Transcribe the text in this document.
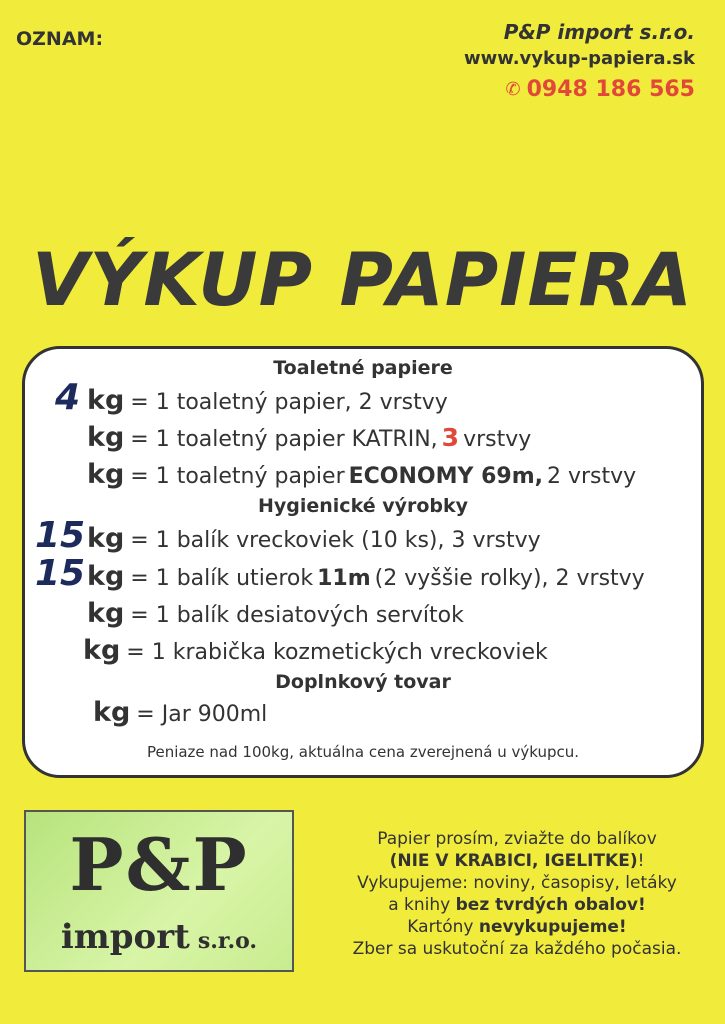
OZNAM:	P&P import s.r.o.
www.vykup-papiera.sk
✆ 0948 186 565
VÝKUP PAPIERA
Toaletné papiere
4 kg = 1 toaletný papier, 2 vrstvy
kg = 1 toaletný papier KATRIN, 3 vrstvy
kg = 1 toaletný papier ECONOMY 69m, 2 vrstvy
Hygienické výrobky
15 kg = 1 balík vreckoviek (10 ks), 3 vrstvy
15 kg = 1 balík utierok 11m (2 vyššie rolky), 2 vrstvy
kg = 1 balík desiatových servítok
kg = 1 krabička kozmetických vreckoviek
Doplnkový tovar
kg = Jar 900ml
Peniaze nad 100kg, aktuálna cena zverejnená u výkupcu.
P&P
import s.r.o.
Papier prosím, zviažte do balíkov
(NIE V KRABICI, IGELITKE)!
Vykupujeme: noviny, časopisy, letáky
a knihy bez tvrdých obalov!
Kartóny nevykupujeme!
Zber sa uskutoční za každého počasia.
